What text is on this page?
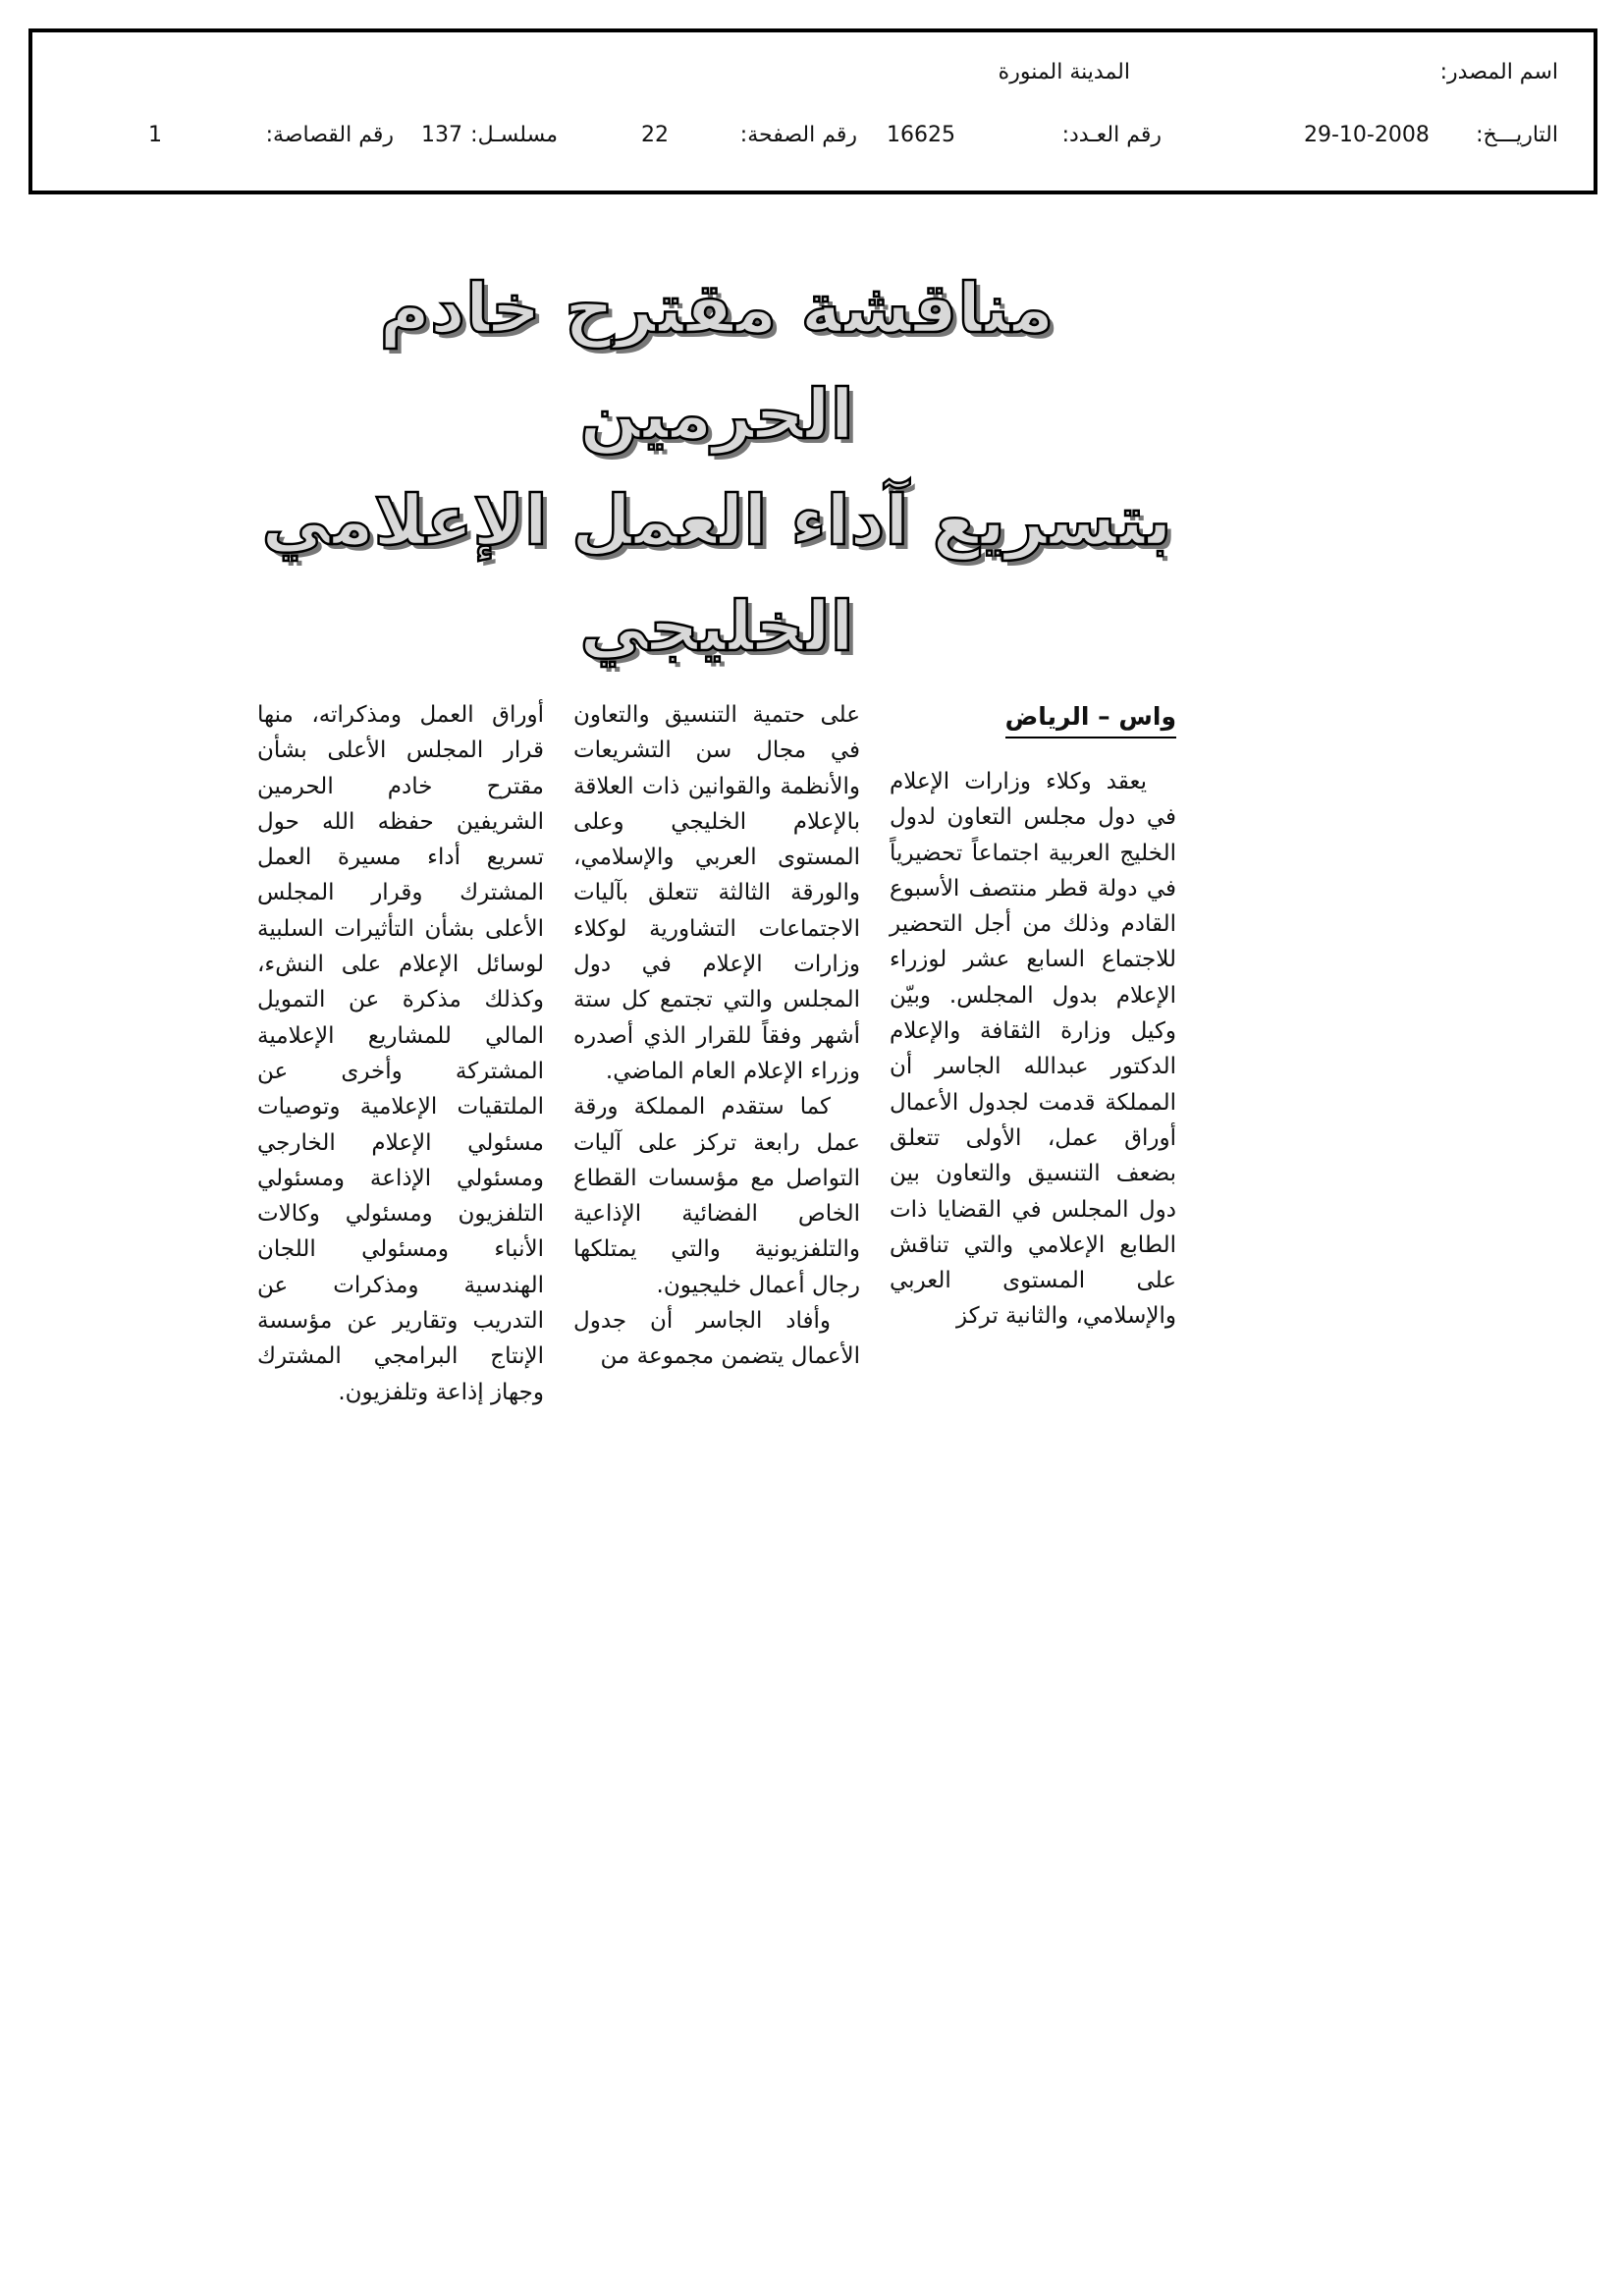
اسم المصدر:
المدينة المنورة
التاريـــخ:
29-10-2008
رقم العـدد:
16625
رقم الصفحة:
22
مسلسـل:
137
رقم القصاصة:
1
مناقشة مقترح خادم الحرمين
بتسريع آداء العمل الإعلامي الخليجي
واس – الرياض

يعقد وكلاء وزارات الإعلام في دول مجلس التعاون لدول الخليج العربية اجتماعاً تحضيرياً في دولة قطر منتصف الأسبوع القادم وذلك من أجل التحضير للاجتماع السابع عشر لوزراء الإعلام بدول المجلس. وبيّن وكيل وزارة الثقافة والإعلام الدكتور عبدالله الجاسر أن المملكة قدمت لجدول الأعمال أوراق عمل، الأولى تتعلق بضعف التنسيق والتعاون بين دول المجلس في القضايا ذات الطابع الإعلامي والتي تناقش على المستوى العربي والإسلامي، والثانية تركز

على حتمية التنسيق والتعاون في مجال سن التشريعات والأنظمة والقوانين ذات العلاقة بالإعلام الخليجي وعلى المستوى العربي والإسلامي، والورقة الثالثة تتعلق بآليات الاجتماعات التشاورية لوكلاء وزارات الإعلام في دول المجلس والتي تجتمع كل ستة أشهر وفقاً للقرار الذي أصدره وزراء الإعلام العام الماضي.

كما ستقدم المملكة ورقة عمل رابعة تركز على آليات التواصل مع مؤسسات القطاع الخاص الفضائية الإذاعية والتلفزيونية والتي يمتلكها رجال أعمال خليجيون.

وأفاد الجاسر أن جدول الأعمال يتضمن مجموعة من

أوراق العمل ومذكراته، منها قرار المجلس الأعلى بشأن مقترح خادم الحرمين الشريفين حفظه الله حول تسريع أداء مسيرة العمل المشترك وقرار المجلس الأعلى بشأن التأثيرات السلبية لوسائل الإعلام على النشء، وكذلك مذكرة عن التمويل المالي للمشاريع الإعلامية المشتركة وأخرى عن الملتقيات الإعلامية وتوصيات مسئولي الإعلام الخارجي ومسئولي الإذاعة ومسئولي التلفزيون ومسئولي وكالات الأنباء ومسئولي اللجان الهندسية ومذكرات عن التدريب وتقارير عن مؤسسة الإنتاج البرامجي المشترك وجهاز إذاعة وتلفزيون.
